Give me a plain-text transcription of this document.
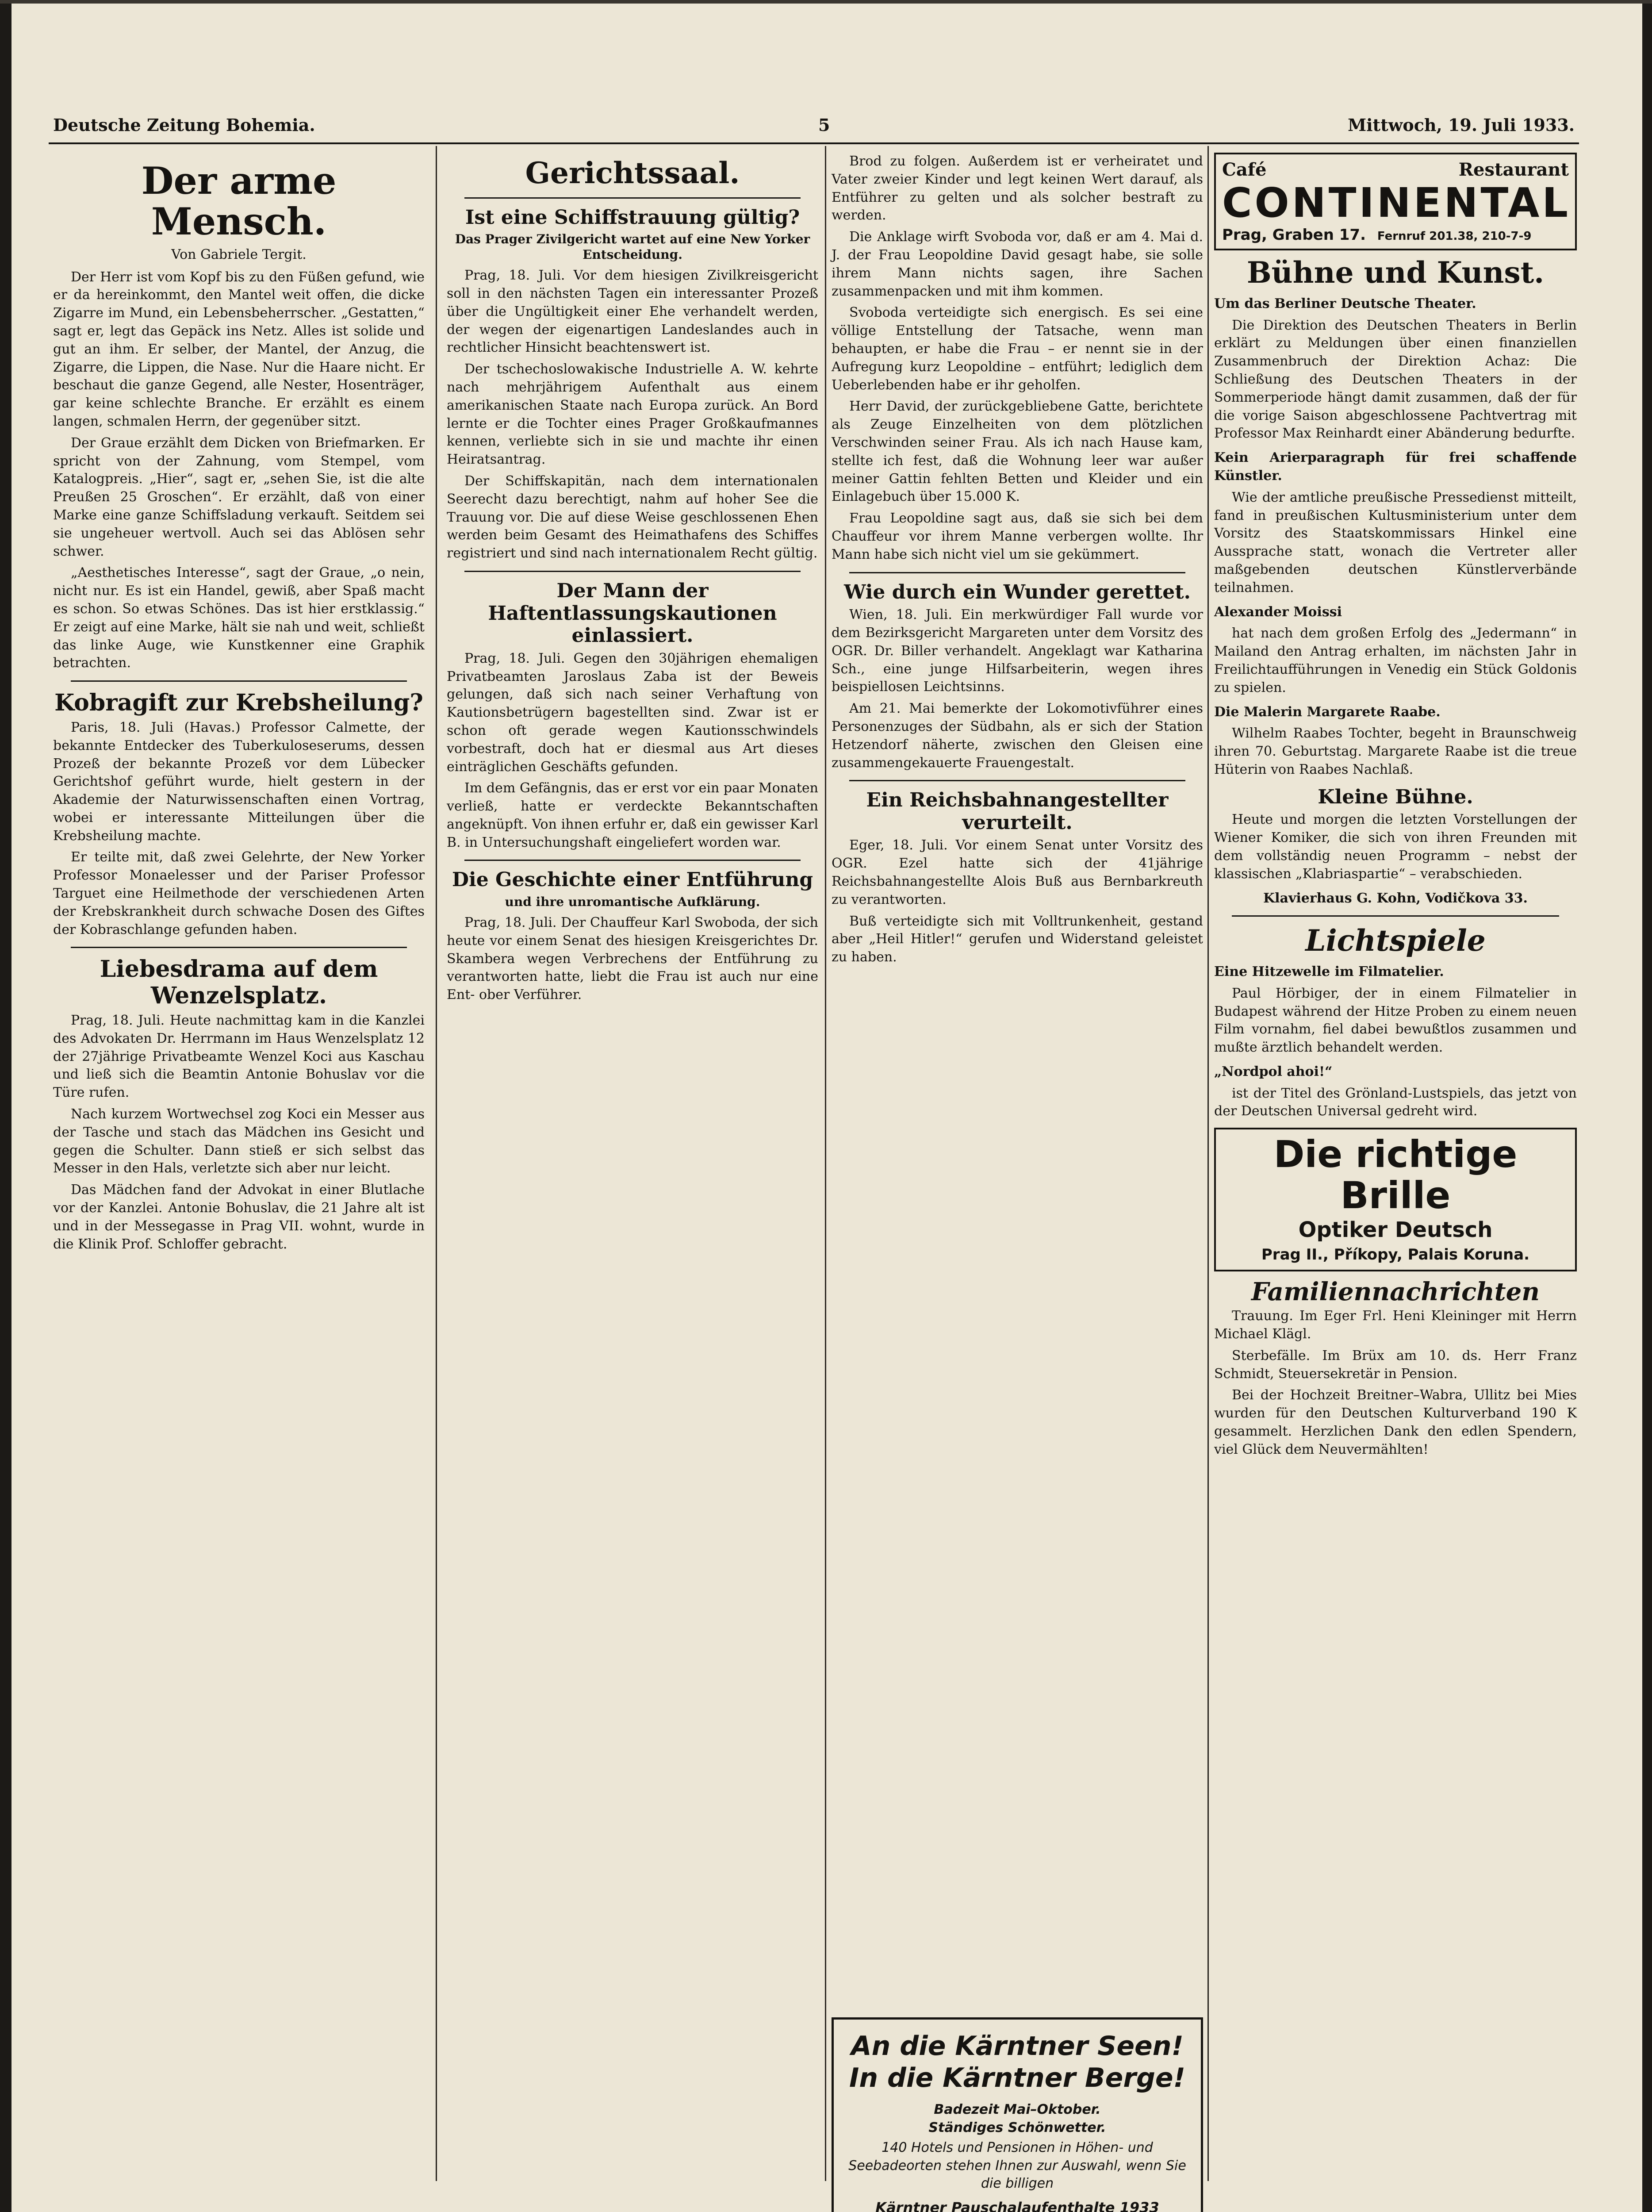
Deutsche Zeitung Bohemia.	5	Mittwoch, 19. Juli 1933.
Der arme Mensch.
Von Gabriele Tergit.

Der Herr ist vom Kopf bis zu den Füßen gefund, wie er da hereinkommt, den Mantel weit offen, die dicke Zigarre im Mund, ein Lebensbeherrscher. „Gestatten,“ sagt er, legt das Gepäck ins Netz. Alles ist solide und gut an ihm. Er selber, der Mantel, der Anzug, die Zigarre, die Lippen, die Nase. Nur die Haare nicht. Er beschaut die ganze Gegend, alle Nester, Hosenträger, gar keine schlechte Branche. Er erzählt es einem langen, schmalen Herrn, der gegenüber sitzt.

Der Graue erzählt dem Dicken von Briefmarken. Er spricht von der Zahnung, vom Stempel, vom Katalogpreis. „Hier“, sagt er, „sehen Sie, ist die alte Preußen 25 Groschen“. Er erzählt, daß von einer Marke eine ganze Schiffsladung verkauft. Seitdem sei sie ungeheuer wertvoll. Auch sei das Ablösen sehr schwer.

„Aesthetisches Interesse“, sagt der Graue, „o nein, nicht nur. Es ist ein Handel, gewiß, aber Spaß macht es schon. So etwas Schönes. Das ist hier erstklassig.“ Er zeigt auf eine Marke, hält sie nah und weit, schließt das linke Auge, wie Kunstkenner eine Graphik betrachten.

Kobragift zur Krebsheilung?

Paris, 18. Juli (Havas.) Professor Calmette, der bekannte Entdecker des Tuberkuloseserums, dessen Prozeß der bekannte Prozeß vor dem Lübecker Gerichtshof geführt wurde, hielt gestern in der Akademie der Naturwissenschaften einen Vortrag, wobei er interessante Mitteilungen über die Krebsheilung machte.

Er teilte mit, daß zwei Gelehrte, der New Yorker Professor Monaelesser und der Pariser Professor Targuet eine Heilmethode der verschiedenen Arten der Krebskrankheit durch schwache Dosen des Giftes der Kobraschlange gefunden haben.

Liebesdrama auf dem Wenzelsplatz.

Prag, 18. Juli. Heute nachmittag kam in die Kanzlei des Advokaten Dr. Herrmann im Haus Wenzelsplatz 12 der 27jährige Privatbeamte Wenzel Koci aus Kaschau und ließ sich die Beamtin Antonie Bohuslav vor die Türe rufen.

Nach kurzem Wortwechsel zog Koci ein Messer aus der Tasche und stach das Mädchen ins Gesicht und gegen die Schulter. Dann stieß er sich selbst das Messer in den Hals, verletzte sich aber nur leicht.

Das Mädchen fand der Advokat in einer Blutlache vor der Kanzlei. Antonie Bohuslav, die 21 Jahre alt ist und in der Messegasse in Prag VII. wohnt, wurde in die Klinik Prof. Schloffer gebracht.

Gerichtssaal.
Ist eine Schiffstrauung gültig?
Das Prager Zivilgericht wartet auf eine New Yorker Entscheidung.

Prag, 18. Juli. Vor dem hiesigen Zivilkreisgericht soll in den nächsten Tagen ein interessanter Prozeß über die Ungültigkeit einer Ehe verhandelt werden, der wegen der eigenartigen Landeslandes auch in rechtlicher Hinsicht beachtenswert ist.

Der tschechoslowakische Industrielle A. W. kehrte nach mehrjährigem Aufenthalt aus einem amerikanischen Staate nach Europa zurück. An Bord lernte er die Tochter eines Prager Großkaufmannes kennen, verliebte sich in sie und machte ihr einen Heiratsantrag.

Der Schiffskapitän, nach dem internationalen Seerecht dazu berechtigt, nahm auf hoher See die Trauung vor. Die auf diese Weise geschlossenen Ehen werden beim Gesamt des Heimathafens des Schiffes registriert und sind nach internationalem Recht gültig.

Der Mann der Haftentlassungskautionen einlassiert.

Prag, 18. Juli. Gegen den 30jährigen ehemaligen Privatbeamten Jaroslaus Zaba ist der Beweis gelungen, daß sich nach seiner Verhaftung von Kautionsbetrügern bagestellten sind. Zwar ist er schon oft gerade wegen Kautionsschwindels vorbestraft, doch hat er diesmal aus Art dieses einträglichen Geschäfts gefunden.

Im dem Gefängnis, das er erst vor ein paar Monaten verließ, hatte er verdeckte Bekanntschaften angeknüpft. Von ihnen erfuhr er, daß ein gewisser Karl B. in Untersuchungshaft eingeliefert worden war.

Die Geschichte einer Entführung
und ihre unromantische Aufklärung.

Prag, 18. Juli. Der Chauffeur Karl Swoboda, der sich heute vor einem Senat des hiesigen Kreisgerichtes Dr. Skambera wegen Verbrechens der Entführung zu verantworten hatte, liebt die Frau ist auch nur eine Ent- ober Verführer.

Brod zu folgen. Außerdem ist er verheiratet und Vater zweier Kinder und legt keinen Wert darauf, als Entführer zu gelten und als solcher bestraft zu werden.

Die Anklage wirft Svoboda vor, daß er am 4. Mai d. J. der Frau Leopoldine David gesagt habe, sie solle ihrem Mann nichts sagen, ihre Sachen zusammenpacken und mit ihm kommen.

Svoboda verteidigte sich energisch. Es sei eine völlige Entstellung der Tatsache, wenn man behaupten, er habe die Frau – er nennt sie in der Aufregung kurz Leopoldine – entführt; lediglich dem Ueberlebenden habe er ihr geholfen.

Herr David, der zurückgebliebene Gatte, berichtete als Zeuge Einzelheiten von dem plötzlichen Verschwinden seiner Frau. Als ich nach Hause kam, stellte ich fest, daß die Wohnung leer war außer meiner Gattin fehlten Betten und Kleider und ein Einlagebuch über 15.000 K.

Frau Leopoldine sagt aus, daß sie sich bei dem Chauffeur vor ihrem Manne verbergen wollte. Ihr Mann habe sich nicht viel um sie gekümmert.

Wie durch ein Wunder gerettet.

Wien, 18. Juli. Ein merkwürdiger Fall wurde vor dem Bezirksgericht Margareten unter dem Vorsitz des OGR. Dr. Biller verhandelt. Angeklagt war Katharina Sch., eine junge Hilfsarbeiterin, wegen ihres beispiellosen Leichtsinns.

Am 21. Mai bemerkte der Lokomotivführer eines Personenzuges der Südbahn, als er sich der Station Hetzendorf näherte, zwischen den Gleisen eine zusammengekauerte Frauengestalt.

Ein Reichsbahnangestellter verurteilt.

Eger, 18. Juli. Vor einem Senat unter Vorsitz des OGR. Ezel hatte sich der 41jährige Reichsbahnangestellte Alois Buß aus Bernbarkreuth zu verantworten.

Buß verteidigte sich mit Volltrunkenheit, gestand aber „Heil Hitler!“ gerufen und Widerstand geleistet zu haben.

An die Kärntner Seen!
In die Kärntner Berge!
Badezeit Mai–Oktober.
Ständiges Schönwetter.
140 Hotels und Pensionen in Höhen- und Seebadeorten stehen Ihnen zur Auswahl, wenn Sie die billigen
Kärntner Pauschalaufenthalte 1933
Café	Restaurant
CONTINENTAL
Prag, Graben 17. Fernruf 201.38, 210-7-9
Bühne und Kunst.

Um das Berliner Deutsche Theater.

Die Direktion des Deutschen Theaters in Berlin erklärt zu Meldungen über einen finanziellen Zusammenbruch der Direktion Achaz: Die Schließung des Deutschen Theaters in der Sommerperiode hängt damit zusammen, daß der für die vorige Saison abgeschlossene Pachtvertrag mit Professor Max Reinhardt einer Abänderung bedurfte.

Kein Arierparagraph für frei schaffende Künstler.

Wie der amtliche preußische Pressedienst mitteilt, fand in preußischen Kultusministerium unter dem Vorsitz des Staatskommissars Hinkel eine Aussprache statt, wonach die Vertreter aller maßgebenden deutschen Künstlerverbände teilnahmen.

Alexander Moissi

hat nach dem großen Erfolg des „Jedermann“ in Mailand den Antrag erhalten, im nächsten Jahr in Freilichtaufführungen in Venedig ein Stück Goldonis zu spielen.

Die Malerin Margarete Raabe.

Wilhelm Raabes Tochter, begeht in Braunschweig ihren 70. Geburtstag. Margarete Raabe ist die treue Hüterin von Raabes Nachlaß.

Kleine Bühne.

Heute und morgen die letzten Vorstellungen der Wiener Komiker, die sich von ihren Freunden mit dem vollständig neuen Programm – nebst der klassischen „Klabriaspartie“ – verabschieden.

Klavierhaus G. Kohn, Vodičkova 33.
Lichtspiele

Eine Hitzewelle im Filmatelier.

Paul Hörbiger, der in einem Filmatelier in Budapest während der Hitze Proben zu einem neuen Film vornahm, fiel dabei bewußtlos zusammen und mußte ärztlich behandelt werden.

„Nordpol ahoi!“

ist der Titel des Grönland-Lustspiels, das jetzt von der Deutschen Universal gedreht wird.

Die richtige Brille
Optiker Deutsch
Prag II., Příkopy, Palais Koruna.
Familiennachrichten

Trauung. Im Eger Frl. Heni Kleininger mit Herrn Michael Klägl.

Sterbefälle. Im Brüx am 10. ds. Herr Franz Schmidt, Steuersekretär in Pension.

Bei der Hochzeit Breitner–Wabra, Ullitz bei Mies wurden für den Deutschen Kulturverband 190 K gesammelt. Herzlichen Dank den edlen Spendern, viel Glück dem Neuvermählten!
